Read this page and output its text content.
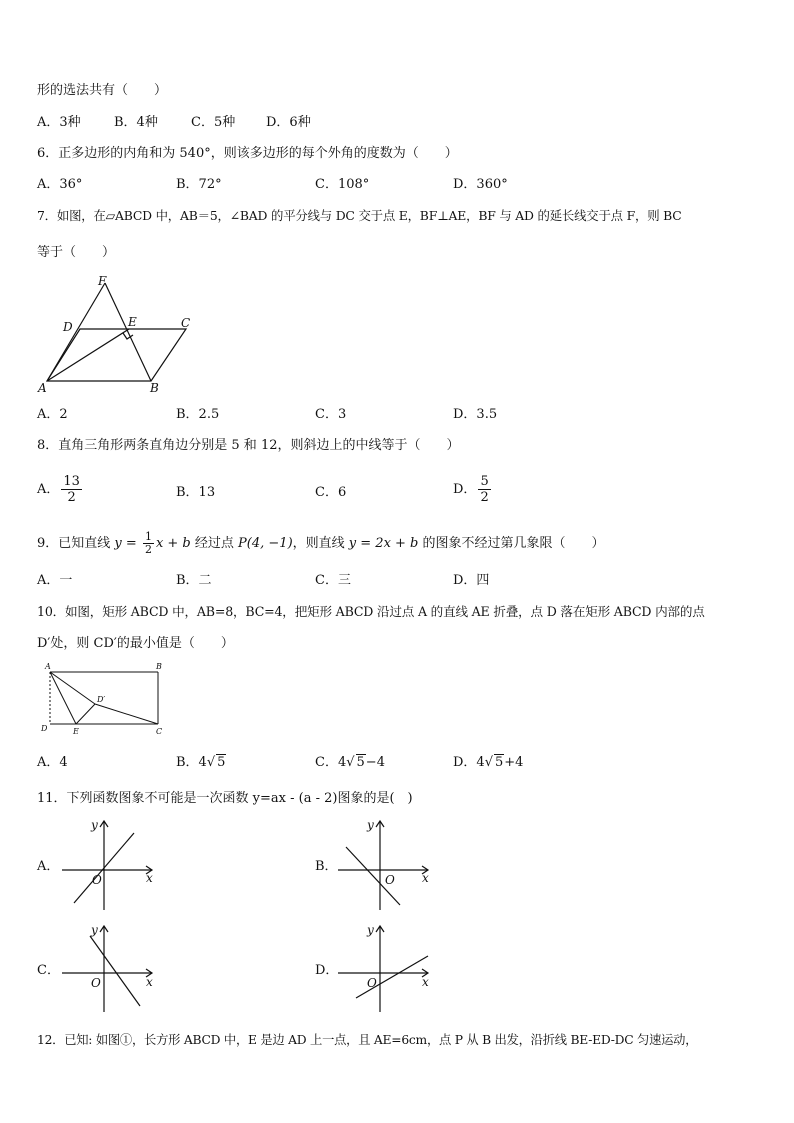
形的选法共有（　　）
A．3种	B．4种	C．5种 D．6种
6．正多边形的内角和为 540°，则该多边形的每个外角的度数为（　　）
A．36°	B．72°	C．108°	D．360°
7．如图，在▱ABCD 中，AB＝5，∠BAD 的平分线与 DC 交于点 E，BF⊥AE，BF 与 AD 的延长线交于点 F，则 BC
等于（　　）
F
D	E	C
A	B
A．2	B．2.5	C．3	D．3.5
8．直角三角形两条直角边分别是 5 和 12，则斜边上的中线等于（　　）
A． $\frac{13}{2}$	B．13	C．6	D． $\frac{5}{2}$
9．已知直线 $y = \frac{1}{2}$ x + b 经过点 P(4, −1)，则直线 y = 2x + b 的图象不经过第几象限（　　）
A．一	B．二	C．三	D．四
10．如图，矩形 ABCD 中，AB=8，BC=4，把矩形 ABCD 沿过点 A 的直线 AE 折叠，点 D 落在矩形 ABCD 内部的点
D′处，则 CD′的最小值是（　　）
A	B
D′
D	E	C
A．4	B．4√ 5	C．4√ 5−4	D．4√ 5+4
11．下列函数图象不可能是一次函数 y=ax - (a - 2)图象的是(　)
A．
y
O	x
B．
y
O x
C．
y
O	x
D．
y
O	x
12．已知: 如图①，长方形 ABCD 中，E 是边 AD 上一点，且 AE=6cm，点 P 从 B 出发，沿折线 BE-ED-DC 匀速运动，
